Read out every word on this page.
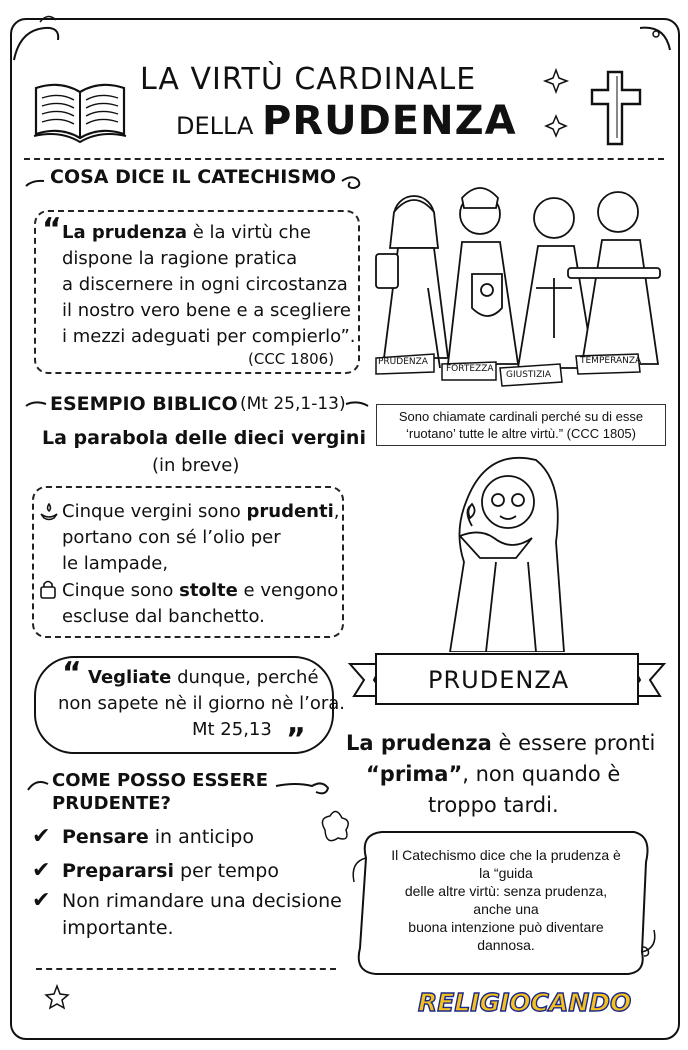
LA VIRTÙ CARDINALE
DELLA PRUDENZA
COSA DICE IL CATECHISMO
“ La prudenza è la virtù che
dispone la ragione pratica
a discernere in ogni circostanza
il nostro vero bene e a scegliere
i mezzi adeguati per compierlo”.
(CCC 1806)	PRUDENZA
FORTEZZA
GIUSTIZIA
TEMPERANZA
Sono chiamate cardinali perché su di esse
‘ruotano’ tutte le altre virtù.” (CCC 1805)
ESEMPIO BIBLICO (Mt 25,1-13)
La parabola delle dieci vergini
(in breve)
Cinque vergini sono prudenti,
portano con sé l’olio per
le lampade,
Cinque sono stolte e vengono
escluse dal banchetto.
“ Vegliate dunque, perché
non sapete nè il giorno nè l’ora.
Mt 25,13 ”
PRUDENZA
La prudenza è essere pronti
“prima”, non quando è
troppo tardi.
COME POSSO ESSERE
PRUDENTE?
✔ Pensare in anticipo
✔ Prepararsi per tempo
✔ Non rimandare una decisione
importante.
Il Catechismo dice che la prudenza è
la “guida
delle altre virtù: senza prudenza,
anche una
buona intenzione può diventare
dannosa.
RELIGIOCANDO
